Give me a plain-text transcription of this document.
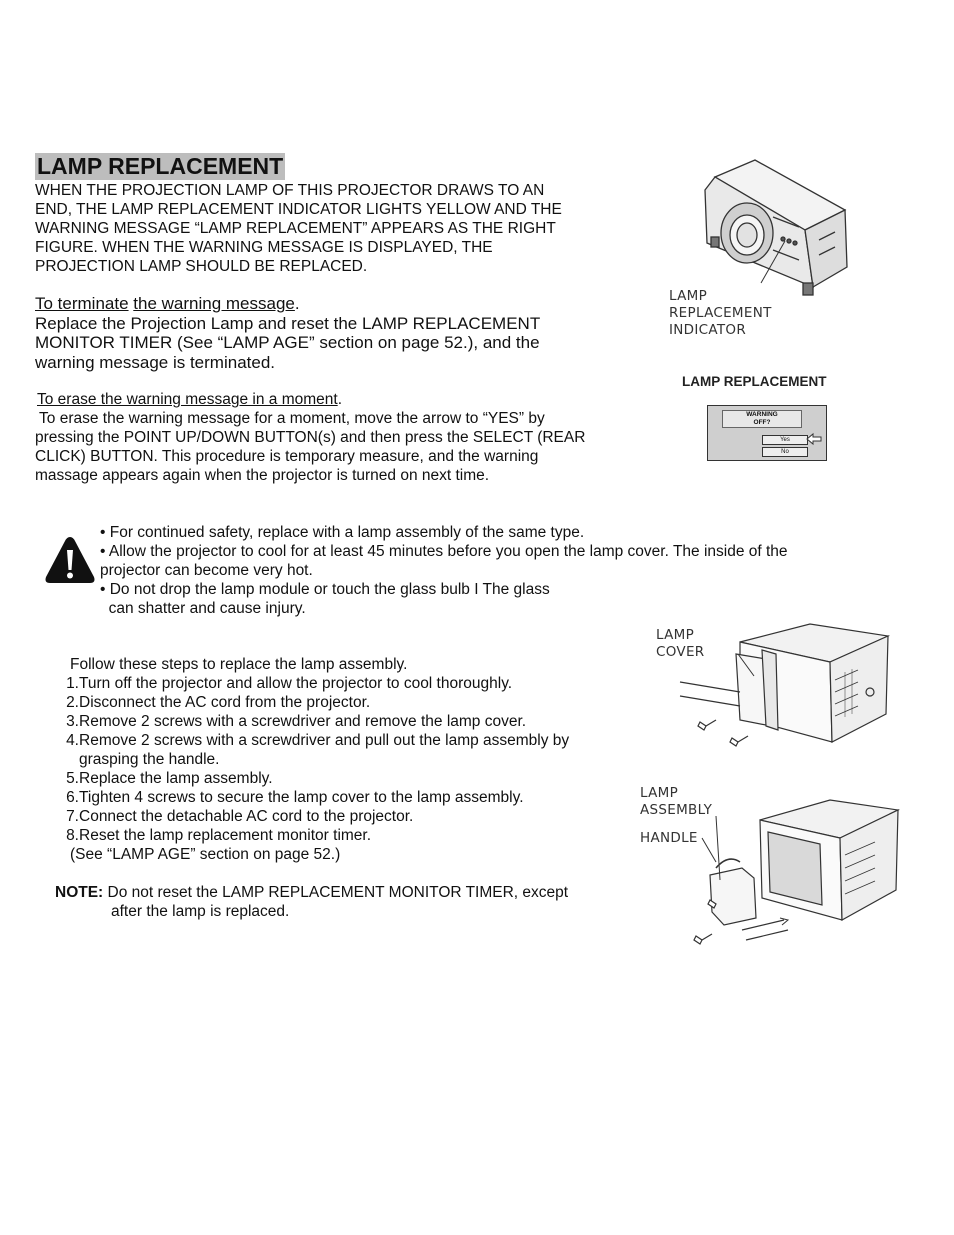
LAMP REPLACEMENT
WHEN THE PROJECTION LAMP OF THIS PROJECTOR DRAWS TO AN
END, THE LAMP REPLACEMENT INDICATOR LIGHTS YELLOW AND THE
WARNING MESSAGE “LAMP REPLACEMENT” APPEARS AS THE RIGHT
FIGURE. WHEN THE WARNING MESSAGE IS DISPLAYED, THE
PROJECTION LAMP SHOULD BE REPLACED.
To terminate the warning message.
Replace the Projection Lamp and reset the LAMP REPLACEMENT
MONITOR TIMER (See “LAMP AGE” section on page 52.), and the
warning message is terminated.
To erase the warning message in a moment.
To erase the warning message for a moment, move the arrow to “YES” by
pressing the POINT UP/DOWN BUTTON(s) and then press the SELECT (REAR
CLICK) BUTTON. This procedure is temporary measure, and the warning
massage appears again when the projector is turned on next time.
• For continued safety, replace with a lamp assembly of the same type.
• Allow the projector to cool for at least 45 minutes before you open the lamp cover. The inside of the
projector can become very hot.
• Do not drop the lamp module or touch the glass bulb I The glass
can shatter and cause injury.
Follow these steps to replace the lamp assembly.
1. Turn off the projector and allow the projector to cool thoroughly.
2. Disconnect the AC cord from the projector.
3. Remove 2 screws with a screwdriver and remove the lamp cover.
4. Remove 2 screws with a screwdriver and pull out the lamp assembly by
grasping the handle.
5. Replace the lamp assembly.
6. Tighten 4 screws to secure the lamp cover to the lamp assembly.
7. Connect the detachable AC cord to the projector.
8. Reset the lamp replacement monitor timer.
(See “LAMP AGE” section on page 52.)
NOTE: Do not reset the LAMP REPLACEMENT MONITOR TIMER, except
after the lamp is replaced.
LAMP
REPLACEMENT
INDICATOR
LAMP REPLACEMENT
WARNING
OFF?
Yes
No
LAMP
COVER
LAMP
ASSEMBLY
HANDLE
